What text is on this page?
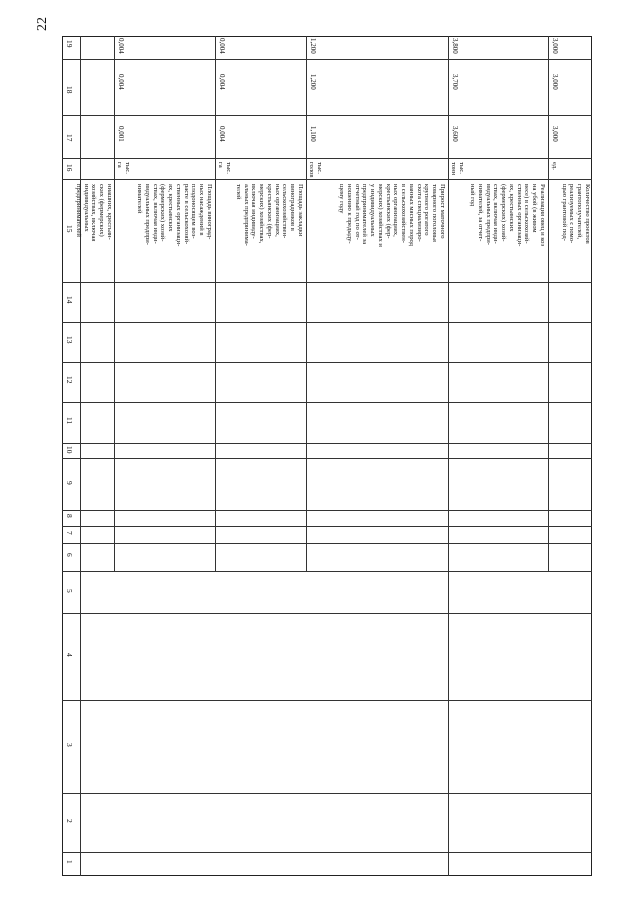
22
19
18
17
16
15
14
13
12
11
10
9
8
7
6
5
4
3
2
1
ниашних, кресгьян-
ских (фермерских)
хозяйствах, включая
индивидуальных
предпринимателей	Площадь виноград-
ных насаждений в
плодоносящем воз-
расте в сельскохозяй-
ственных организаци-
ях, крестьянских
(фермерских) хозяй-
ствах, включая инди-
видуальных предпри-
нимателей
тыс.
га
0,001
0,004
0,004
Площадь закладки
виноградников в
сельскохозяйствен-
ных организациях,
крестьянских (фер-
мерских) хозяйствах,
включая индивиду-
альных предпринима-
телей
тыс.
га
0,004
0,004
0,004
Прирост маточного
товарного поголовья
крупного рогатого
скота специализиро-
ванных мясных пород
в сельскохозяйствен-
ных организациях,
крестьянских (фер-
мерских) хозяйствах и
у индивидуальных
предпринимателей за
отчетный год по от-
ношению к предыду-
щему году
тыс.
голов
1,100
1,200
1,200
Реализация овец и коз
на убой (в живом
весе) в сельскохозяй-
ственных организаци-
ях, крестьянских
(фермерских) хозяй-
ствах, включая инди-
видуальных предпри-
нимателей, за отчет-
ный год
тыс.
тонн
3,600
3,700
3,800
Количество проектов
грантополучателей,
реализуемых с помо-
щью грантовой под-
ед.
3,000
3,000
3,000
